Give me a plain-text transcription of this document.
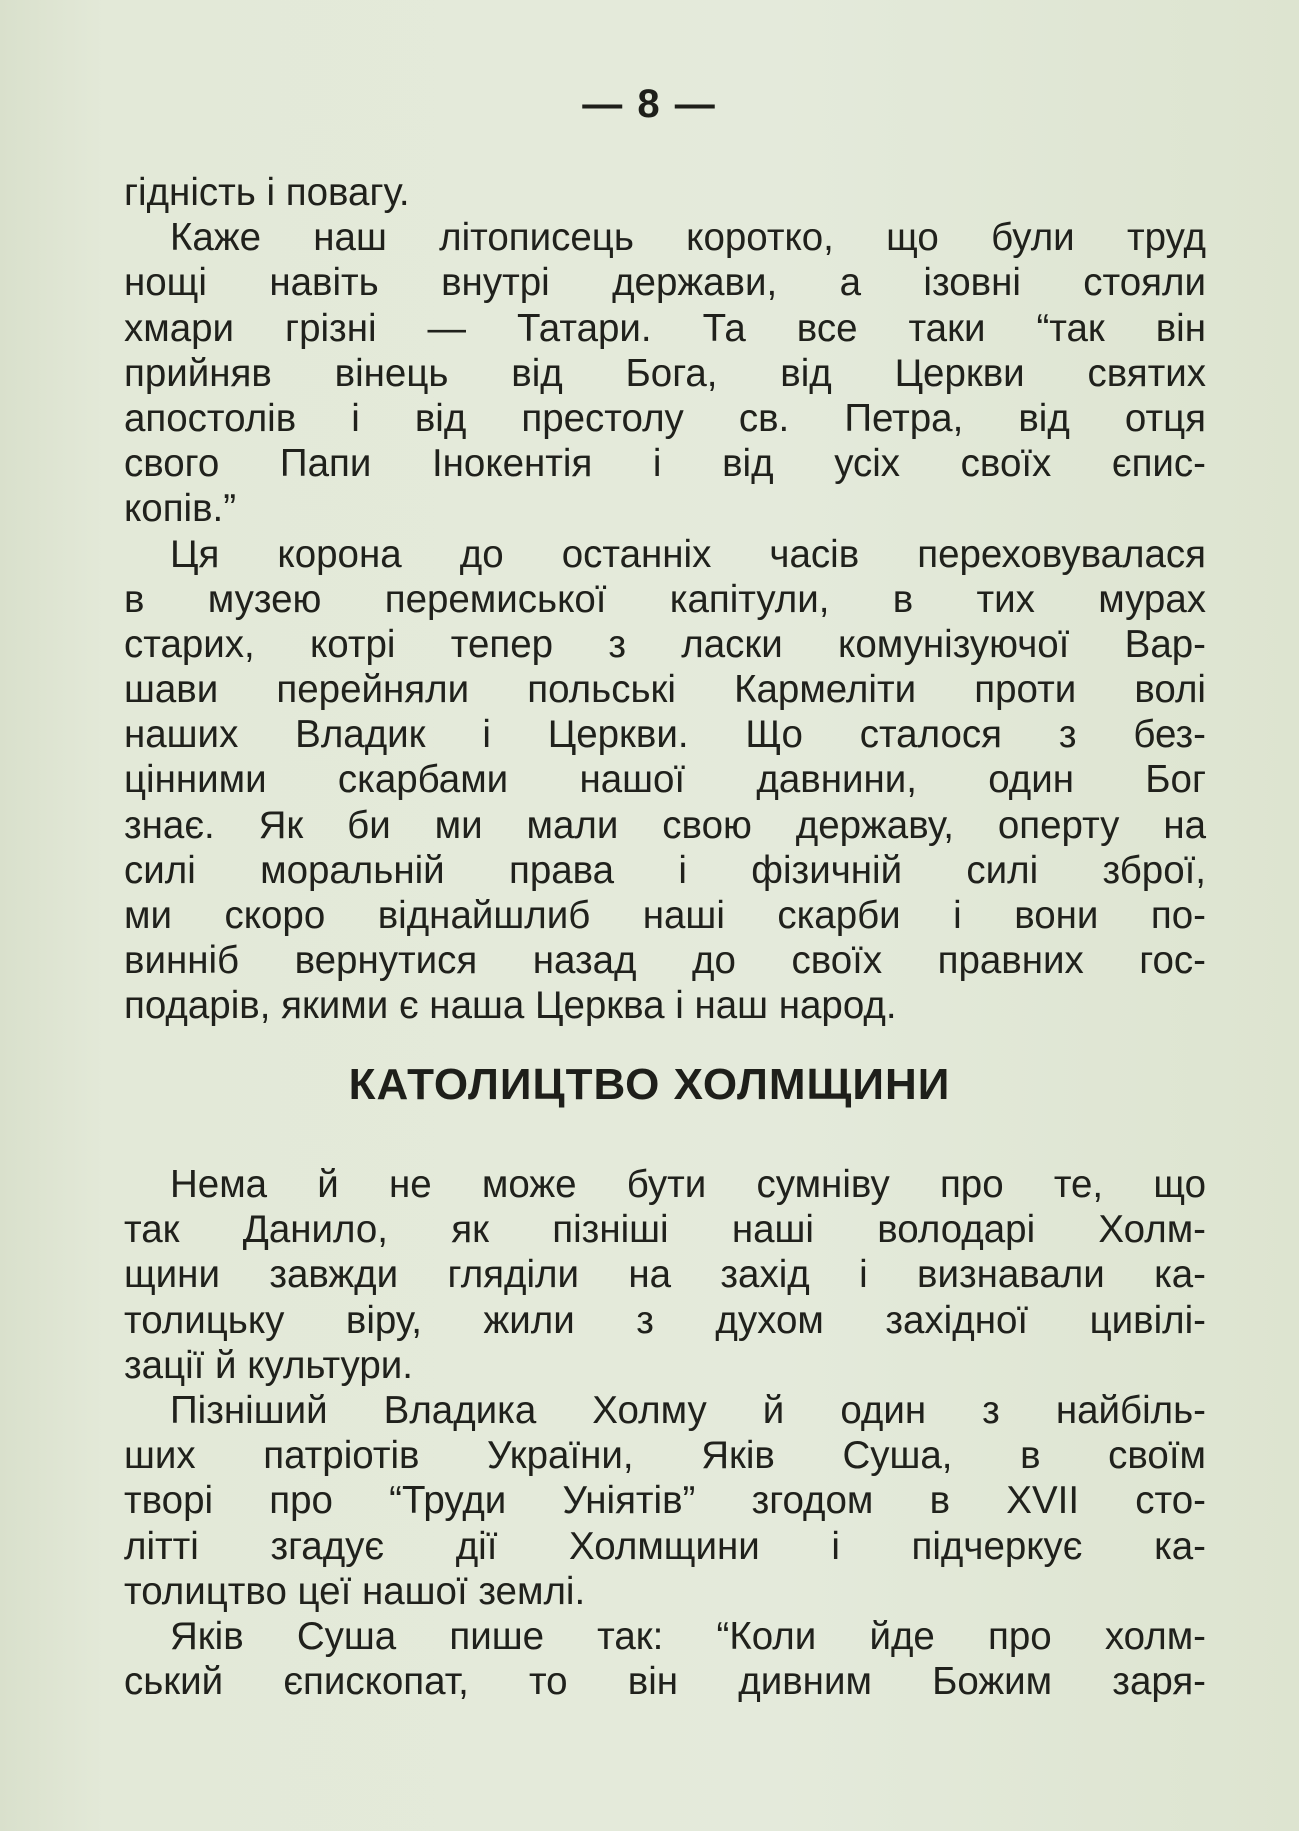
— 8 —
гідність і повагу.
Каже наш літописець коротко, що були труд
нощі навіть внутрі держави, а ізовні стояли
хмари грізні — Татари. Та все таки “так він
прийняв вінець від Бога, від Церкви святих
апостолів і від престолу св. Петра, від отця
свого Папи Інокентія і від усіх своїх єпис-
копів.”
Ця корона до останніх часів переховувалася
в музею перемиської капітули, в тих мурах
старих, котрі тепер з ласки комунізуючої Вар-
шави перейняли польські Кармеліти проти волі
наших Владик і Церкви. Що сталося з без-
цінними скарбами нашої давнини, один Бог
знає. Як би ми мали свою державу, оперту на
силі моральній права і фізичній силі зброї,
ми скоро віднайшлиб наші скарби і вони по-
виннiб вернутися назад до своїх правних гос-
подарів, якими є наша Церква і наш народ.
КАТОЛИЦТВО ХОЛМЩИНИ
Нема й не може бути сумніву про те, що
так Данило, як пізніші наші володарі Холм-
щини завжди гляділи на захід і визнавали ка-
толицьку віру, жили з духом західної цивілі-
зації й культури.
Пізніший Владика Холму й один з найбіль-
ших патріотів України, Яків Суша, в своїм
творі про “Труди Уніятів” згодом в XVII сто-
літті згадує дії Холмщини і підчеркує ка-
толицтво цеї нашої землі.
Яків Суша пише так: “Коли йде про холм-
ський єпископат, то він дивним Божим заря-
